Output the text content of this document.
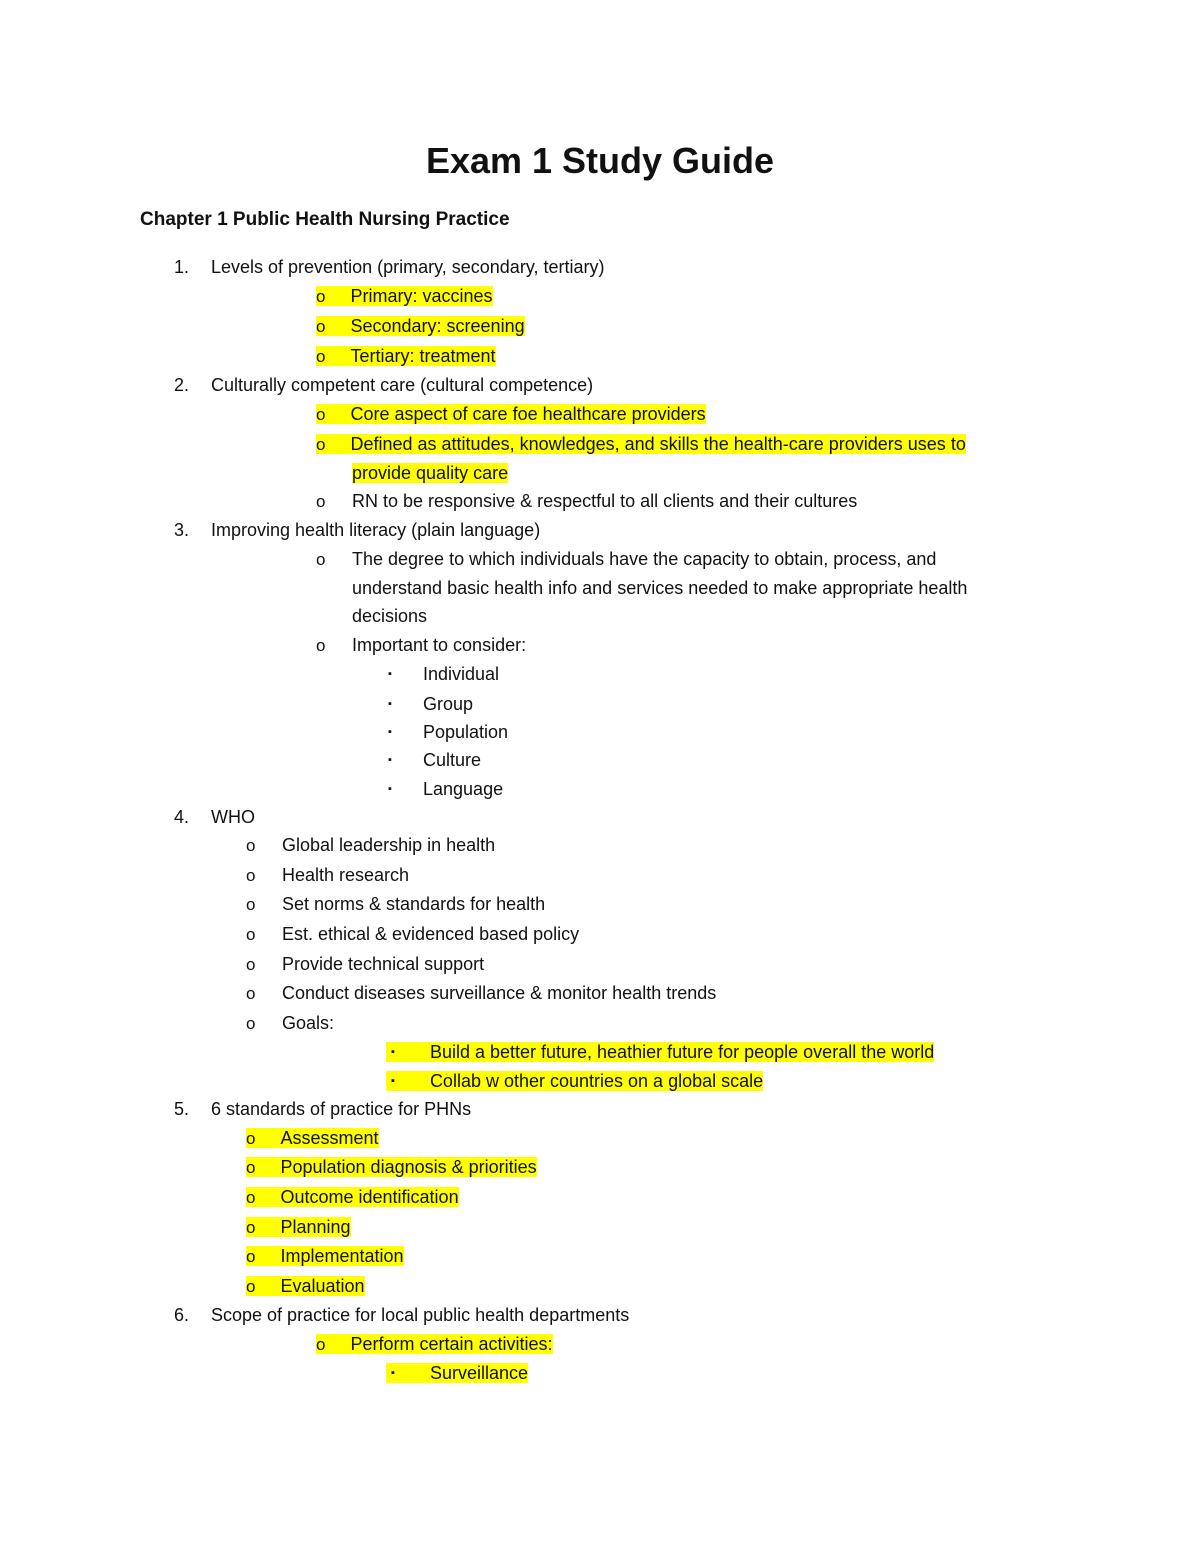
Exam 1 Study Guide
Chapter 1 Public Health Nursing Practice
1. Levels of prevention (primary, secondary, tertiary)
o Primary: vaccines
o Secondary: screening
o Tertiary: treatment
2. Culturally competent care (cultural competence)
o Core aspect of care foe healthcare providers
o Defined as attitudes, knowledges, and skills the health-care providers uses to
provide quality care
o RN to be responsive & respectful to all clients and their cultures
3. Improving health literacy (plain language)
o The degree to which individuals have the capacity to obtain, process, and
understand basic health info and services needed to make appropriate health
decisions
o Important to consider:
▪ Individual
▪ Group
▪ Population
▪ Culture
▪ Language
4. WHO
o Global leadership in health
o Health research
o Set norms & standards for health
o Est. ethical & evidenced based policy
o Provide technical support
o Conduct diseases surveillance & monitor health trends
o Goals:
▪ Build a better future, heathier future for people overall the world
▪ Collab w other countries on a global scale
5. 6 standards of practice for PHNs
o Assessment
o Population diagnosis & priorities
o Outcome identification
o Planning
o Implementation
o Evaluation
6. Scope of practice for local public health departments
o Perform certain activities:
▪ Surveillance
